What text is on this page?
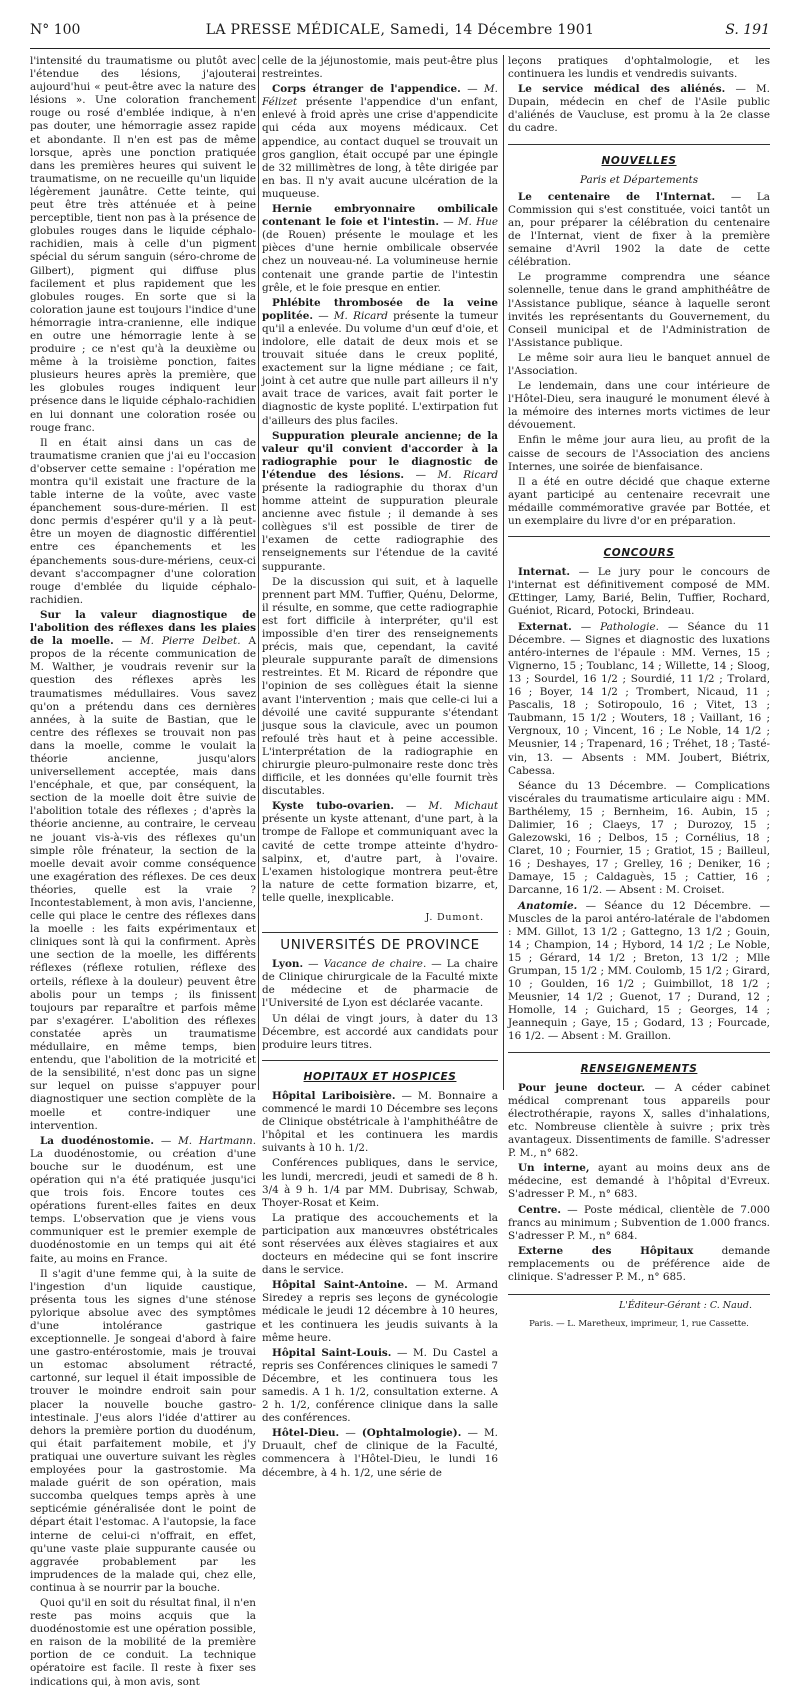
N° 100	LA PRESSE MÉDICALE, Samedi, 14 Décembre 1901	S. 191

l'intensité du traumatisme ou plutôt avec l'étendue des lésions, j'ajouterai aujourd'hui « peut-être avec la nature des lésions ». Une coloration franchement rouge ou rosé d'emblée indique, à n'en pas douter, une hémorragie assez rapide et abondante. Il n'en est pas de même lorsque, après une ponction pratiquée dans les premières heures qui suivent le traumatisme, on ne recueille qu'un liquide légèrement jaunâtre. Cette teinte, qui peut être très atténuée et à peine perceptible, tient non pas à la présence de globules rouges dans le liquide céphalo-rachidien, mais à celle d'un pigment spécial du sérum sanguin (séro-chrome de Gilbert), pigment qui diffuse plus facilement et plus rapidement que les globules rouges. En sorte que si la coloration jaune est toujours l'indice d'une hémorragie intra-cranienne, elle indique en outre une hémorragie lente à se produire ; ce n'est qu'à la deuxième ou même à la troisième ponction, faites plusieurs heures après la première, que les globules rouges indiquent leur présence dans le liquide céphalo-rachidien en lui donnant une coloration rosée ou rouge franc.

Il en était ainsi dans un cas de traumatisme cranien que j'ai eu l'occasion d'observer cette semaine : l'opération me montra qu'il existait une fracture de la table interne de la voûte, avec vaste épanchement sous-dure-mérien. Il est donc permis d'espérer qu'il y a là peut-être un moyen de diagnostic différentiel entre ces épanchements et les épanchements sous-dure-mériens, ceux-ci devant s'accompagner d'une coloration rouge d'emblée du liquide céphalo-rachidien.

Sur la valeur diagnostique de l'abolition des réflexes dans les plaies de la moelle. — M. Pierre Delbet. A propos de la récente communication de M. Walther, je voudrais revenir sur la question des réflexes après les traumatismes médullaires. Vous savez qu'on a prétendu dans ces dernières années, à la suite de Bastian, que le centre des réflexes se trouvait non pas dans la moelle, comme le voulait la théorie ancienne, jusqu'alors universellement acceptée, mais dans l'encéphale, et que, par conséquent, la section de la moelle doit être suivie de l'abolition totale des réflexes ; d'après la théorie ancienne, au contraire, le cerveau ne jouant vis-à-vis des réflexes qu'un simple rôle frénateur, la section de la moelle devait avoir comme conséquence une exagération des réflexes. De ces deux théories, quelle est la vraie ? Incontestablement, à mon avis, l'ancienne, celle qui place le centre des réflexes dans la moelle : les faits expérimentaux et cliniques sont là qui la confirment. Après une section de la moelle, les différents réflexes (réflexe rotulien, réflexe des orteils, réflexe à la douleur) peuvent être abolis pour un temps ; ils finissent toujours par reparaître et parfois même par s'exagérer. L'abolition des réflexes constatée après un traumatisme médullaire, en même temps, bien entendu, que l'abolition de la motricité et de la sensibilité, n'est donc pas un signe sur lequel on puisse s'appuyer pour diagnostiquer une section complète de la moelle et contre-indiquer une intervention.

La duodénostomie. — M. Hartmann. La duodénostomie, ou création d'une bouche sur le duodénum, est une opération qui n'a été pratiquée jusqu'ici que trois fois. Encore toutes ces opérations furent-elles faites en deux temps. L'observation que je viens vous communiquer est le premier exemple de duodénostomie en un temps qui ait été faite, au moins en France.

Il s'agit d'une femme qui, à la suite de l'ingestion d'un liquide caustique, présenta tous les signes d'une sténose pylorique absolue avec des symptômes d'une intolérance gastrique exceptionnelle. Je songeai d'abord à faire une gastro-entérostomie, mais je trouvai un estomac absolument rétracté, cartonné, sur lequel il était impossible de trouver le moindre endroit sain pour placer la nouvelle bouche gastro-intestinale. J'eus alors l'idée d'attirer au dehors la première portion du duodénum, qui était parfaitement mobile, et j'y pratiquai une ouverture suivant les règles employées pour la gastrostomie. Ma malade guérit de son opération, mais succomba quelques temps après à une septicémie généralisée dont le point de départ était l'estomac. A l'autopsie, la face interne de celui-ci n'offrait, en effet, qu'une vaste plaie suppurante causée ou aggravée probablement par les imprudences de la malade qui, chez elle, continua à se nourrir par la bouche.

Quoi qu'il en soit du résultat final, il n'en reste pas moins acquis que la duodénostomie est une opération possible, en raison de la mobilité de la première portion de ce conduit. La technique opératoire est facile. Il reste à fixer ses indications qui, à mon avis, sont

celle de la jéjunostomie, mais peut-être plus restreintes.

Corps étranger de l'appendice. — M. Félizet présente l'appendice d'un enfant, enlevé à froid après une crise d'appendicite qui céda aux moyens médicaux. Cet appendice, au contact duquel se trouvait un gros ganglion, était occupé par une épingle de 32 millimètres de long, à tête dirigée par en bas. Il n'y avait aucune ulcération de la muqueuse.

Hernie embryonnaire ombilicale contenant le foie et l'intestin. — M. Hue (de Rouen) présente le moulage et les pièces d'une hernie ombilicale observée chez un nouveau-né. La volumineuse hernie contenait une grande partie de l'intestin grêle, et le foie presque en entier.

Phlébite thrombosée de la veine poplitée. — M. Ricard présente la tumeur qu'il a enlevée. Du volume d'un œuf d'oie, et indolore, elle datait de deux mois et se trouvait située dans le creux poplité, exactement sur la ligne médiane ; ce fait, joint à cet autre que nulle part ailleurs il n'y avait trace de varices, avait fait porter le diagnostic de kyste poplité. L'extirpation fut d'ailleurs des plus faciles.

Suppuration pleurale ancienne; de la valeur qu'il convient d'accorder à la radiographie pour le diagnostic de l'étendue des lésions. — M. Ricard présente la radiographie du thorax d'un homme atteint de suppuration pleurale ancienne avec fistule ; il demande à ses collègues s'il est possible de tirer de l'examen de cette radiographie des renseignements sur l'étendue de la cavité suppurante.

De la discussion qui suit, et à laquelle prennent part MM. Tuffier, Quénu, Delorme, il résulte, en somme, que cette radiographie est fort difficile à interpréter, qu'il est impossible d'en tirer des renseignements précis, mais que, cependant, la cavité pleurale suppurante paraît de dimensions restreintes. Et M. Ricard de répondre que l'opinion de ses collègues était la sienne avant l'intervention ; mais que celle-ci lui a dévoilé une cavité suppurante s'étendant jusque sous la clavicule, avec un poumon refoulé très haut et à peine accessible. L'interprétation de la radiographie en chirurgie pleuro-pulmonaire reste donc très difficile, et les données qu'elle fournit très discutables.

Kyste tubo-ovarien. — M. Michaut présente un kyste attenant, d'une part, à la trompe de Fallope et communiquant avec la cavité de cette trompe atteinte d'hydro-salpinx, et, d'autre part, à l'ovaire. L'examen histologique montrera peut-être la nature de cette formation bizarre, et, telle quelle, inexplicable.

J. Dumont.
UNIVERSITÉS DE PROVINCE

Lyon. — Vacance de chaire. — La chaire de Clinique chirurgicale de la Faculté mixte de médecine et de pharmacie de l'Université de Lyon est déclarée vacante.

Un délai de vingt jours, à dater du 13 Décembre, est accordé aux candidats pour produire leurs titres.

HOPITAUX ET HOSPICES

Hôpital Lariboisière. — M. Bonnaire a commencé le mardi 10 Décembre ses leçons de Clinique obstétricale à l'amphithéâtre de l'hôpital et les continuera les mardis suivants à 10 h. 1/2.

Conférences publiques, dans le service, les lundi, mercredi, jeudi et samedi de 8 h. 3/4 à 9 h. 1/4 par MM. Dubrisay, Schwab, Thoyer-Rosat et Keim.

La pratique des accouchements et la participation aux manœuvres obstétricales sont réservées aux élèves stagiaires et aux docteurs en médecine qui se font inscrire dans le service.

Hôpital Saint-Antoine. — M. Armand Siredey a repris ses leçons de gynécologie médicale le jeudi 12 décembre à 10 heures, et les continuera les jeudis suivants à la même heure.

Hôpital Saint-Louis. — M. Du Castel a repris ses Conférences cliniques le samedi 7 Décembre, et les continuera tous les samedis. A 1 h. 1/2, consultation externe. A 2 h. 1/2, conférence clinique dans la salle des conférences.

Hôtel-Dieu. — (Ophtalmologie). — M. Druault, chef de clinique de la Faculté, commencera à l'Hôtel-Dieu, le lundi 16 décembre, à 4 h. 1/2, une série de

leçons pratiques d'ophtalmologie, et les continuera les lundis et vendredis suivants.

Le service médical des aliénés. — M. Dupain, médecin en chef de l'Asile public d'aliénés de Vaucluse, est promu à la 2e classe du cadre.

NOUVELLES
Paris et Départements

Le centenaire de l'Internat. — La Commission qui s'est constituée, voici tantôt un an, pour préparer la célébration du centenaire de l'Internat, vient de fixer à la première semaine d'Avril 1902 la date de cette célébration.

Le programme comprendra une séance solennelle, tenue dans le grand amphithéâtre de l'Assistance publique, séance à laquelle seront invités les représentants du Gouvernement, du Conseil municipal et de l'Administration de l'Assistance publique.

Le même soir aura lieu le banquet annuel de l'Association.

Le lendemain, dans une cour intérieure de l'Hôtel-Dieu, sera inauguré le monument élevé à la mémoire des internes morts victimes de leur dévouement.

Enfin le même jour aura lieu, au profit de la caisse de secours de l'Association des anciens Internes, une soirée de bienfaisance.

Il a été en outre décidé que chaque externe ayant participé au centenaire recevrait une médaille commémorative gravée par Bottée, et un exemplaire du livre d'or en préparation.

CONCOURS

Internat. — Le jury pour le concours de l'internat est définitivement composé de MM. Œttinger, Lamy, Barié, Belin, Tuffier, Rochard, Guéniot, Ricard, Potocki, Brindeau.

Externat. — Pathologie. — Séance du 11 Décembre. — Signes et diagnostic des luxations antéro-internes de l'épaule : MM. Vernes, 15 ; Vignerno, 15 ; Toublanc, 14 ; Willette, 14 ; Sloog, 13 ; Sourdel, 16 1/2 ; Sourdié, 11 1/2 ; Trolard, 16 ; Boyer, 14 1/2 ; Trombert, Nicaud, 11 ; Pascalis, 18 ; Sotiropoulo, 16 ; Vitet, 13 ; Taubmann, 15 1/2 ; Wouters, 18 ; Vaillant, 16 ; Vergnoux, 10 ; Vincent, 16 ; Le Noble, 14 1/2 ; Meusnier, 14 ; Trapenard, 16 ; Tréhet, 18 ; Tasté-vin, 13. — Absents : MM. Joubert, Biétrix, Cabessa.

Séance du 13 Décembre. — Complications viscérales du traumatisme articulaire aigu : MM. Barthélemy, 15 ; Bernheim, 16. Aubin, 15 ; Dalimier, 16 ; Claeys, 17 ; Durozoy, 15 ; Galezowski, 16 ; Delbos, 15 ; Cornélius, 18 ; Claret, 10 ; Fournier, 15 ; Gratiot, 15 ; Bailleul, 16 ; Deshayes, 17 ; Grelley, 16 ; Deniker, 16 ; Damaye, 15 ; Caldaguès, 15 ; Cattier, 16 ; Darcanne, 16 1/2. — Absent : M. Croiset.

Anatomie. — Séance du 12 Décembre. — Muscles de la paroi antéro-latérale de l'abdomen : MM. Gillot, 13 1/2 ; Gattegno, 13 1/2 ; Gouin, 14 ; Champion, 14 ; Hybord, 14 1/2 ; Le Noble, 15 ; Gérard, 14 1/2 ; Breton, 13 1/2 ; Mlle Grumpan, 15 1/2 ; MM. Coulomb, 15 1/2 ; Girard, 10 ; Goulden, 16 1/2 ; Guimbillot, 18 1/2 ; Meusnier, 14 1/2 ; Guenot, 17 ; Durand, 12 ; Homolle, 14 ; Guichard, 15 ; Georges, 14 ; Jeannequin ; Gaye, 15 ; Godard, 13 ; Fourcade, 16 1/2. — Absent : M. Graillon.

RENSEIGNEMENTS

Pour jeune docteur. — A céder cabinet médical comprenant tous appareils pour électrothérapie, rayons X, salles d'inhalations, etc. Nombreuse clientèle à suivre ; prix très avantageux. Dissentiments de famille. S'adresser P. M., n° 682.

Un interne, ayant au moins deux ans de médecine, est demandé à l'hôpital d'Evreux. S'adresser P. M., n° 683.

Centre. — Poste médical, clientèle de 7.000 francs au minimum ; Subvention de 1.000 francs. S'adresser P. M., n° 684.

Externe des Hôpitaux	demande remplacements ou de préférence aide de clinique. S'adresser P. M., n° 685.

L'Éditeur-Gérant : C. Naud.
Paris. — L. Maretheux, imprimeur, 1, rue Cassette.
